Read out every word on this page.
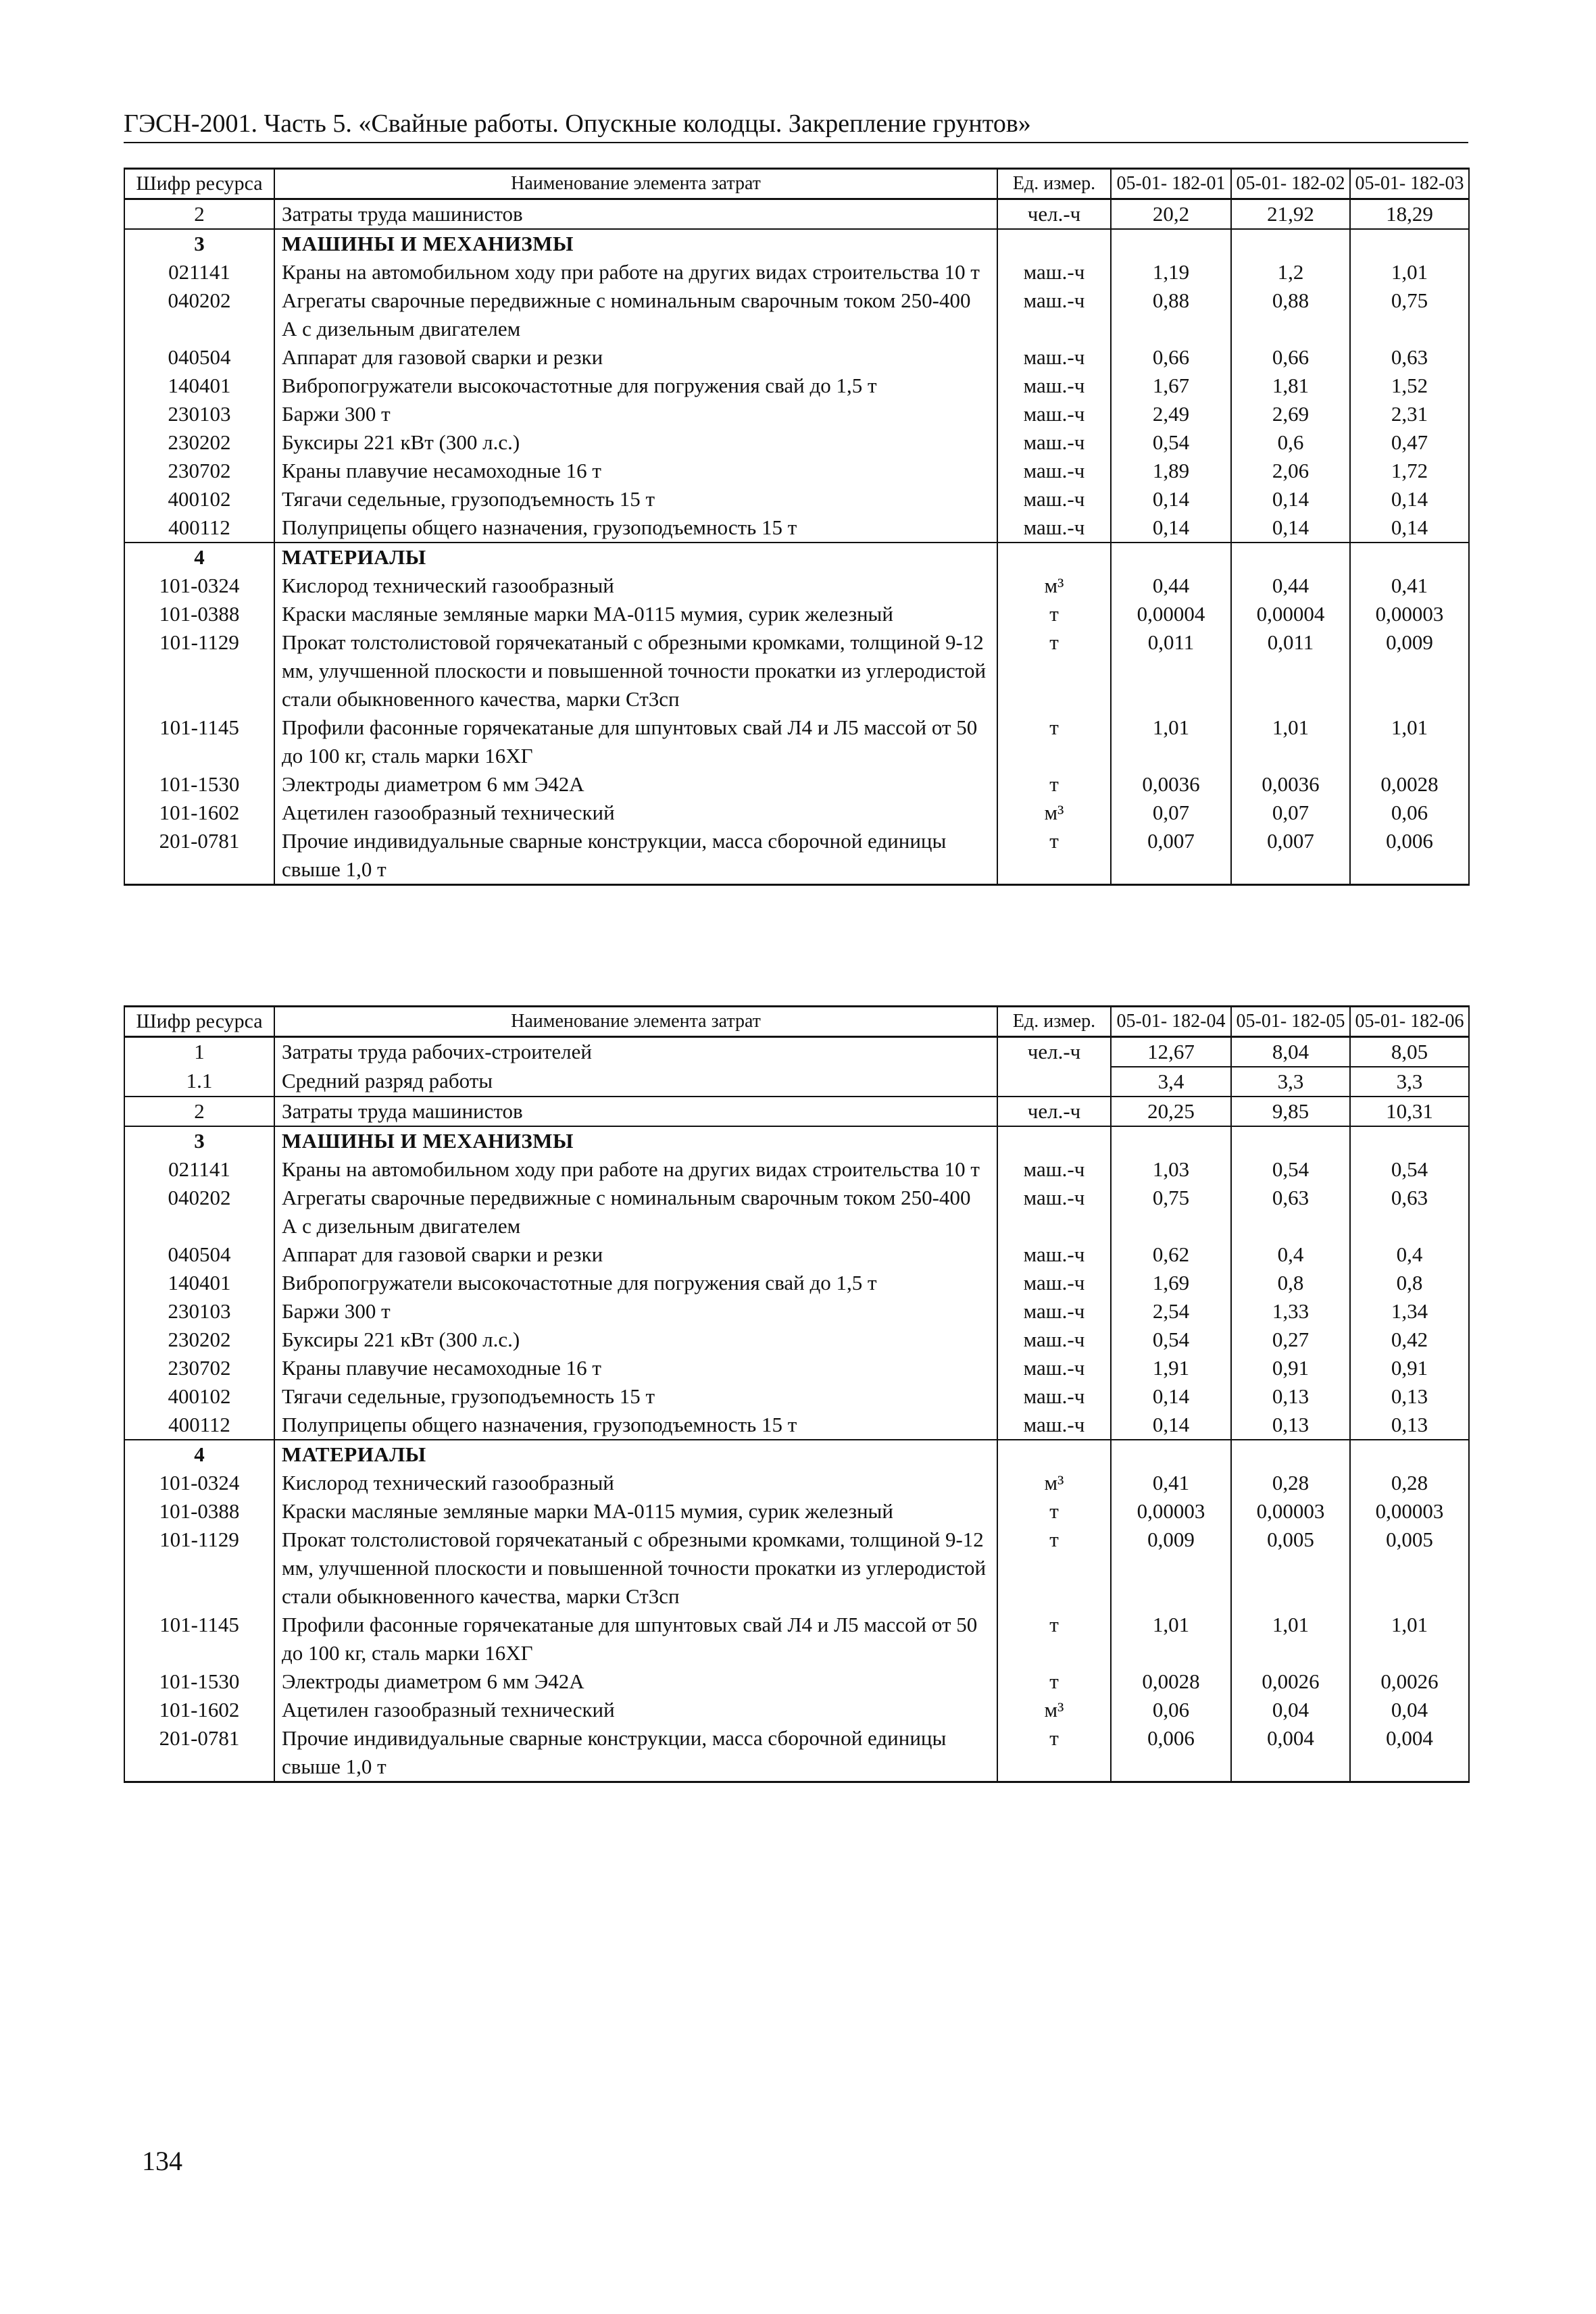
ГЭСН-2001. Часть 5. «Свайные работы. Опускные колодцы. Закрепление грунтов»
Шифр ресурса	Наименование элемента затрат	Ед. измер.	05-01- 182-01	05-01- 182-02	05-01- 182-03
2	Затраты труда машинистов	чел.-ч	20,2	21,92	18,29
3	МАШИНЫ И МЕХАНИЗМЫ				
021141	Краны на автомобильном ходу при работе на других видах строительства 10 т	маш.-ч	1,19	1,2	1,01
040202	Агрегаты сварочные передвижные с номинальным сварочным током 250-400 А с дизельным двигателем	маш.-ч	0,88	0,88	0,75
040504	Аппарат для газовой сварки и резки	маш.-ч	0,66	0,66	0,63
140401	Вибропогружатели высокочастотные для погружения свай до 1,5 т	маш.-ч	1,67	1,81	1,52
230103	Баржи 300 т	маш.-ч	2,49	2,69	2,31
230202	Буксиры 221 кВт (300 л.с.)	маш.-ч	0,54	0,6	0,47
230702	Краны плавучие несамоходные 16 т	маш.-ч	1,89	2,06	1,72
400102	Тягачи седельные, грузоподъемность 15 т	маш.-ч	0,14	0,14	0,14
400112	Полуприцепы общего назначения, грузоподъемность 15 т	маш.-ч	0,14	0,14	0,14
4	МАТЕРИАЛЫ				
101-0324	Кислород технический газообразный	м³	0,44	0,44	0,41
101-0388	Краски масляные земляные марки МА-0115 мумия, сурик железный	т	0,00004	0,00004	0,00003
101-1129	Прокат толстолистовой горячекатаный с обрезными кромками, толщиной 9-12 мм, улучшенной плоскости и повышенной точности прокатки из углеродистой стали обыкновенного качества, марки Ст3сп	т	0,011	0,011	0,009
101-1145	Профили фасонные горячекатаные для шпунтовых свай Л4 и Л5 массой от 50 до 100 кг, сталь марки 16ХГ	т	1,01	1,01	1,01
101-1530	Электроды диаметром 6 мм Э42А	т	0,0036	0,0036	0,0028
101-1602	Ацетилен газообразный технический	м³	0,07	0,07	0,06
201-0781	Прочие индивидуальные сварные конструкции, масса сборочной единицы свыше 1,0 т	т	0,007	0,007	0,006
Шифр ресурса	Наименование элемента затрат	Ед. измер.	05-01- 182-04	05-01- 182-05	05-01- 182-06
1	Затраты труда рабочих-строителей	чел.-ч	12,67	8,04	8,05
1.1	Средний разряд работы		3,4	3,3	3,3
2	Затраты труда машинистов	чел.-ч	20,25	9,85	10,31
3	МАШИНЫ И МЕХАНИЗМЫ				
021141	Краны на автомобильном ходу при работе на других видах строительства 10 т	маш.-ч	1,03	0,54	0,54
040202	Агрегаты сварочные передвижные с номинальным сварочным током 250-400 А с дизельным двигателем	маш.-ч	0,75	0,63	0,63
040504	Аппарат для газовой сварки и резки	маш.-ч	0,62	0,4	0,4
140401	Вибропогружатели высокочастотные для погружения свай до 1,5 т	маш.-ч	1,69	0,8	0,8
230103	Баржи 300 т	маш.-ч	2,54	1,33	1,34
230202	Буксиры 221 кВт (300 л.с.)	маш.-ч	0,54	0,27	0,42
230702	Краны плавучие несамоходные 16 т	маш.-ч	1,91	0,91	0,91
400102	Тягачи седельные, грузоподъемность 15 т	маш.-ч	0,14	0,13	0,13
400112	Полуприцепы общего назначения, грузоподъемность 15 т	маш.-ч	0,14	0,13	0,13
4	МАТЕРИАЛЫ				
101-0324	Кислород технический газообразный	м³	0,41	0,28	0,28
101-0388	Краски масляные земляные марки МА-0115 мумия, сурик железный	т	0,00003	0,00003	0,00003
101-1129	Прокат толстолистовой горячекатаный с обрезными кромками, толщиной 9-12 мм, улучшенной плоскости и повышенной точности прокатки из углеродистой стали обыкновенного качества, марки Ст3сп	т	0,009	0,005	0,005
101-1145	Профили фасонные горячекатаные для шпунтовых свай Л4 и Л5 массой от 50 до 100 кг, сталь марки 16ХГ	т	1,01	1,01	1,01
101-1530	Электроды диаметром 6 мм Э42А	т	0,0028	0,0026	0,0026
101-1602	Ацетилен газообразный технический	м³	0,06	0,04	0,04
201-0781	Прочие индивидуальные сварные конструкции, масса сборочной единицы свыше 1,0 т	т	0,006	0,004	0,004
134
